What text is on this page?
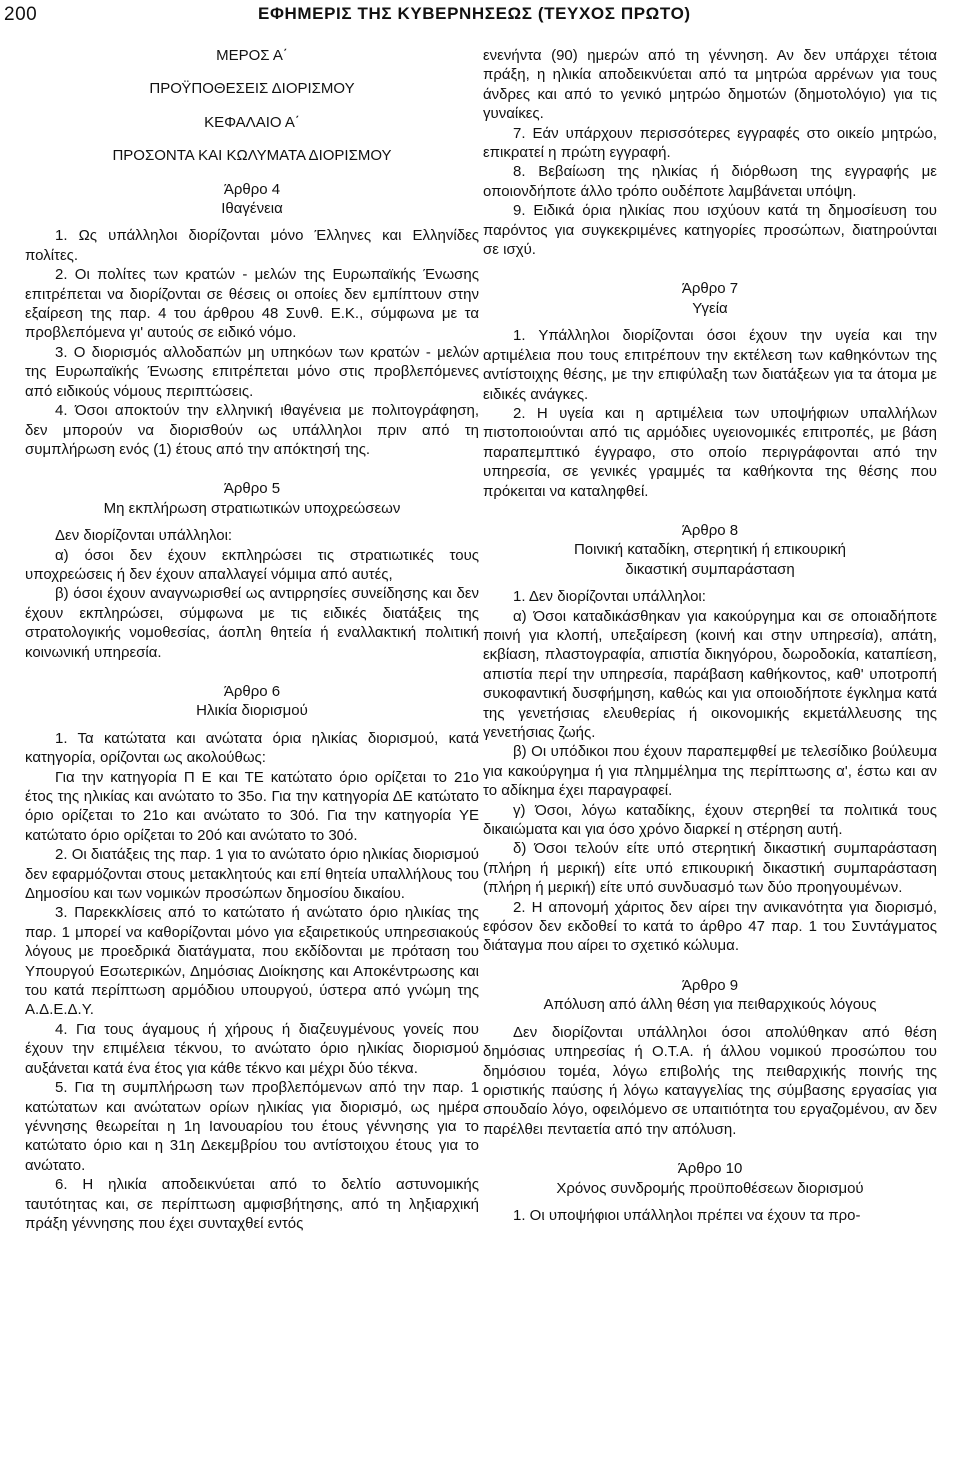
200	ΕΦΗΜΕΡΙΣ ΤΗΣ ΚΥΒΕΡΝΗΣΕΩΣ (ΤΕΥΧΟΣ ΠΡΩΤΟ)

ΜΕΡΟΣ Α΄

ΠΡΟΫΠΟΘΕΣΕΙΣ ΔΙΟΡΙΣΜΟΥ

ΚΕΦΑΛΑΙΟ Α΄

ΠΡΟΣΟΝΤΑ ΚΑΙ ΚΩΛΥΜΑΤΑ ΔΙΟΡΙΣΜΟΥ

Άρθρο 4

Ιθαγένεια

1. Ως υπάλληλοι διορίζονται μόνο Έλληνες και Ελληνίδες πολίτες.

2. Οι πολίτες των κρατών - μελών της Ευρωπαϊκής Ένωσης επιτρέπεται να διορίζονται σε θέσεις οι οποίες δεν εμπίπτουν στην εξαίρεση της παρ. 4 του άρθρου 48 Συνθ. Ε.Κ., σύμφωνα με τα προβλεπόμενα γι' αυτούς σε ειδικό νόμο.

3. Ο διορισμός αλλοδαπών μη υπηκόων των κρατών - μελών της Ευρωπαϊκής Ένωσης επιτρέπεται μόνο στις προβλεπόμενες από ειδικούς νόμους περιπτώσεις.

4. Όσοι αποκτούν την ελληνική ιθαγένεια με πολιτογράφηση, δεν μπορούν να διορισθούν ως υπάλληλοι πριν από τη συμπλήρωση ενός (1) έτους από την απόκτησή της.

Άρθρο 5

Μη εκπλήρωση στρατιωτικών υποχρεώσεων

Δεν διορίζονται υπάλληλοι:

α) όσοι δεν έχουν εκπληρώσει τις στρατιωτικές τους υποχρεώσεις ή δεν έχουν απαλλαγεί νόμιμα από αυτές,

β) όσοι έχουν αναγνωρισθεί ως αντιρρησίες συνείδησης και δεν έχουν εκπληρώσει, σύμφωνα με τις ειδικές διατάξεις της στρατολογικής νομοθεσίας, άοπλη θητεία ή εναλλακτική πολιτική κοινωνική υπηρεσία.

Άρθρο 6

Ηλικία διορισμού

1. Τα κατώτατα και ανώτατα όρια ηλικίας διορισμού, κατά κατηγορία, ορίζονται ως ακολούθως:

Για την κατηγορία Π Ε και ΤΕ κατώτατο όριο ορίζεται το 21ο έτος της ηλικίας και ανώτατο το 35ο. Για την κατηγορία ΔΕ κατώτατο όριο ορίζεται το 21ο και ανώτατο το 30ό. Για την κατηγορία ΥΕ κατώτατο όριο ορίζεται το 20ό και ανώτατο το 30ό.

2. Οι διατάξεις της παρ. 1 για το ανώτατο όριο ηλικίας διορισμού δεν εφαρμόζονται στους μετακλητούς και επί θητεία υπαλλήλους του Δημοσίου και των νομικών προσώπων δημοσίου δικαίου.

3. Παρεκκλίσεις από το κατώτατο ή ανώτατο όριο ηλικίας της παρ. 1 μπορεί να καθορίζονται μόνο για εξαιρετικούς υπηρεσιακούς λόγους με προεδρικά διατάγματα, που εκδίδονται με πρόταση του Υπουργού Εσωτερικών, Δημόσιας Διοίκησης και Αποκέντρωσης και του κατά περίπτωση αρμόδιου υπουργού, ύστερα από γνώμη της Α.Δ.Ε.Δ.Υ.

4. Για τους άγαμους ή χήρους ή διαζευγμένους γονείς που έχουν την επιμέλεια τέκνου, το ανώτατο όριο ηλικίας διορισμού αυξάνεται κατά ένα έτος για κάθε τέκνο και μέχρι δύο τέκνα.

5. Για τη συμπλήρωση των προβλεπόμενων από την παρ. 1 κατώτατων και ανώτατων ορίων ηλικίας για διορισμό, ως ημέρα γέννησης θεωρείται η 1η Ιανουαρίου του έτους γέννησης για το κατώτατο όριο και η 31η Δεκεμβρίου του αντίστοιχου έτους για το ανώτατο.

6. Η ηλικία αποδεικνύεται από το δελτίο αστυνομικής ταυτότητας και, σε περίπτωση αμφισβήτησης, από τη ληξιαρχική πράξη γέννησης που έχει συνταχθεί εντός

ενενήντα (90) ημερών από τη γέννηση. Αν δεν υπάρχει τέτοια πράξη, η ηλικία αποδεικνύεται από τα μητρώα αρρένων για τους άνδρες και από το γενικό μητρώο δημοτών (δημοτολόγιο) για τις γυναίκες.

7. Εάν υπάρχουν περισσότερες εγγραφές στο οικείο μητρώο, επικρατεί η πρώτη εγγραφή.

8. Βεβαίωση της ηλικίας ή διόρθωση της εγγραφής με οποιονδήποτε άλλο τρόπο ουδέποτε λαμβάνεται υπόψη.

9. Ειδικά όρια ηλικίας που ισχύουν κατά τη δημοσίευση του παρόντος για συγκεκριμένες κατηγορίες προσώπων, διατηρούνται σε ισχύ.

Άρθρο 7

Υγεία

1. Υπάλληλοι διορίζονται όσοι έχουν την υγεία και την αρτιμέλεια που τους επιτρέπουν την εκτέλεση των καθηκόντων της αντίστοιχης θέσης, με την επιφύλαξη των διατάξεων για τα άτομα με ειδικές ανάγκες.

2. Η υγεία και η αρτιμέλεια των υποψήφιων υπαλλήλων πιστοποιούνται από τις αρμόδιες υγειονομικές επιτροπές, με βάση παραπεμπτικό έγγραφο, στο οποίο περιγράφονται από την υπηρεσία, σε γενικές γραμμές τα καθήκοντα της θέσης που πρόκειται να καταληφθεί.

Άρθρο 8

Ποινική καταδίκη, στερητική ή επικουρική

δικαστική συμπαράσταση

1. Δεν διορίζονται υπάλληλοι:

α) Όσοι καταδικάσθηκαν για κακούργημα και σε οποιαδήποτε ποινή για κλοπή, υπεξαίρεση (κοινή και στην υπηρεσία), απάτη, εκβίαση, πλαστογραφία, απιστία δικηγόρου, δωροδοκία, καταπίεση, απιστία περί την υπηρεσία, παράβαση καθήκοντος, καθ' υποτροπή συκοφαντική δυσφήμηση, καθώς και για οποιοδήποτε έγκλημα κατά της γενετήσιας ελευθερίας ή οικονομικής εκμετάλλευσης της γενετήσιας ζωής.

β) Οι υπόδικοι που έχουν παραπεμφθεί με τελεσίδικο βούλευμα για κακούργημα ή για πλημμέλημα της περίπτωσης α', έστω και αν το αδίκημα έχει παραγραφεί.

γ) Όσοι, λόγω καταδίκης, έχουν στερηθεί τα πολιτικά τους δικαιώματα και για όσο χρόνο διαρκεί η στέρηση αυτή.

δ) Όσοι τελούν είτε υπό στερητική δικαστική συμπαράσταση (πλήρη ή μερική) είτε υπό επικουρική δικαστική συμπαράσταση (πλήρη ή μερική) είτε υπό συνδυασμό των δύο προηγουμένων.

2. Η απονομή χάριτος δεν αίρει την ανικανότητα για διορισμό, εφόσον δεν εκδοθεί το κατά το άρθρο 47 παρ. 1 του Συντάγματος διάταγμα που αίρει το σχετικό κώλυμα.

Άρθρο 9

Απόλυση από άλλη θέση για πειθαρχικούς λόγους

Δεν διορίζονται υπάλληλοι όσοι απολύθηκαν από θέση δημόσιας υπηρεσίας ή Ο.Τ.Α. ή άλλου νομικού προσώπου του δημόσιου τομέα, λόγω επιβολής της πειθαρχικής ποινής της οριστικής παύσης ή λόγω καταγγελίας της σύμβασης εργασίας για σπουδαίο λόγο, οφειλόμενο σε υπαιτιότητα του εργαζομένου, αν δεν παρέλθει πενταετία από την απόλυση.

Άρθρο 10

Χρόνος συνδρομής προϋποθέσεων διορισμού

1. Οι υποψήφιοι υπάλληλοι πρέπει να έχουν τα προ-
